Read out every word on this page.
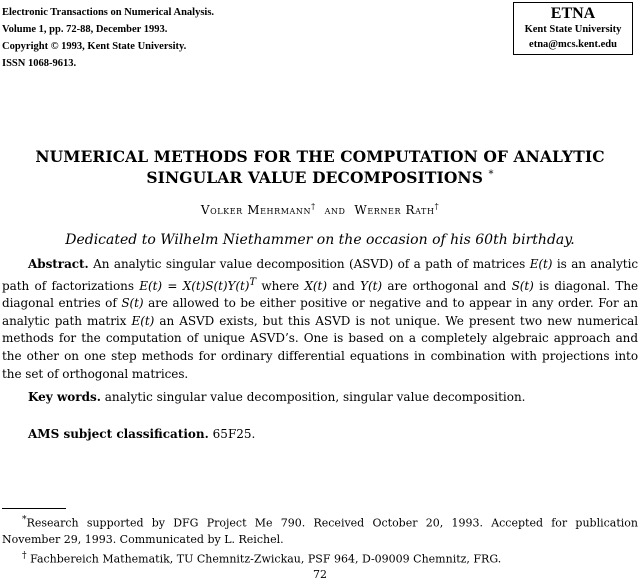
Electronic Transactions on Numerical Analysis.
Volume 1, pp. 72-88, December 1993.
Copyright © 1993, Kent State University.
ISSN 1068-9613.
ETNA
Kent State University
etna@mcs.kent.edu
NUMERICAL METHODS FOR THE COMPUTATION OF ANALYTIC
SINGULAR VALUE DECOMPOSITIONS *
Volker Mehrmann† and Werner Rath†
Dedicated to Wilhelm Niethammer on the occasion of his 60th birthday.
Abstract. An analytic singular value decomposition (ASVD) of a path of matrices E(t) is an analytic path of factorizations $E(t) = X(t)S(t)Y(t)^T$ where X(t) and Y(t) are orthogonal and S(t) is diagonal. The diagonal entries of S(t) are allowed to be either positive or negative and to appear in any order. For an analytic path matrix E(t) an ASVD exists, but this ASVD is not unique. We present two new numerical methods for the computation of unique ASVD’s. One is based on a completely algebraic approach and the other on one step methods for ordinary differential equations in combination with projections into the set of orthogonal matrices.
Key words. analytic singular value decomposition, singular value decomposition.
AMS subject classification. 65F25.

*Research supported by DFG Project Me 790. Received October 20, 1993. Accepted for publication November 29, 1993. Communicated by L. Reichel.

† Fachbereich Mathematik, TU Chemnitz-Zwickau, PSF 964, D-09009 Chemnitz, FRG.

72
